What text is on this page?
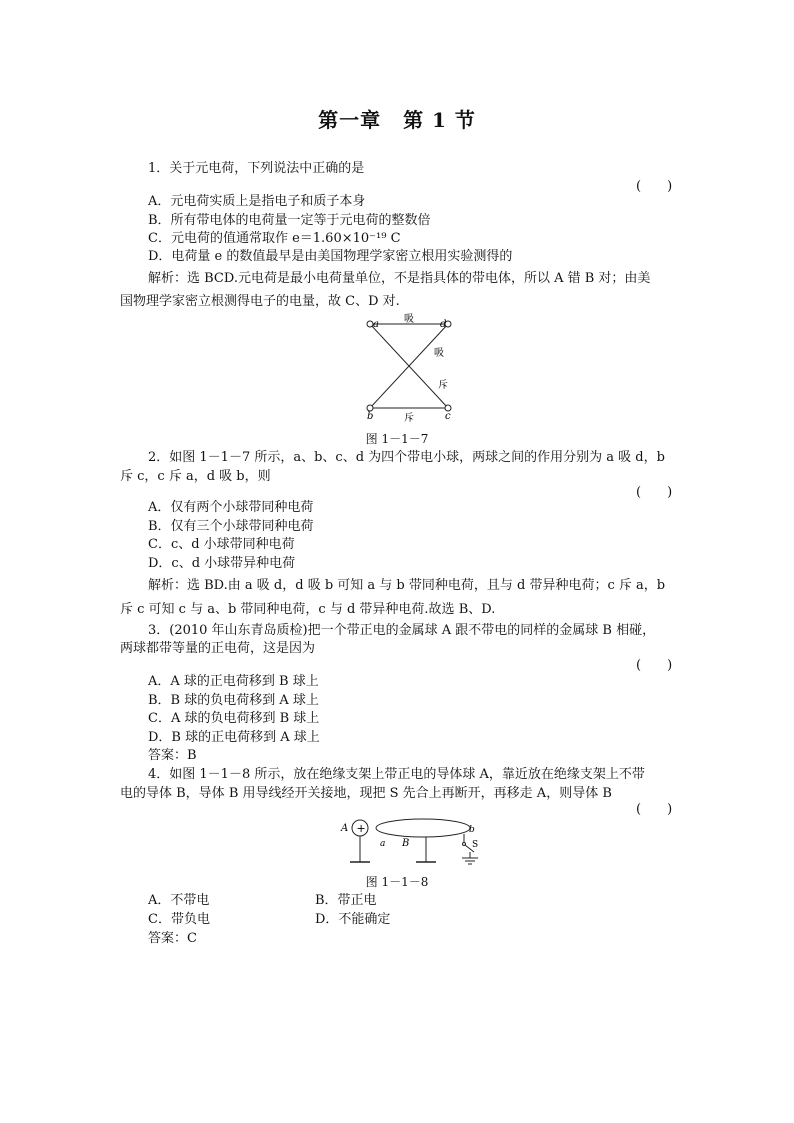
第一章 第 1 节
1．关于元电荷，下列说法中正确的是
(　　)
A．元电荷实质上是指电子和质子本身
B．所有带电体的电荷量一定等于元电荷的整数倍
C．元电荷的值通常取作 e＝1.60×10⁻¹⁹ C
D．电荷量 e 的数值最早是由美国物理学家密立根用实验测得的
解析：选 BCD.元电荷是最小电荷量单位，不是指具体的带电体，所以 A 错 B 对；由美
国物理学家密立根测得电子的电量，故 C、D 对.
a	d
b	c
吸
吸
斥
斥
图 1－1－7
2．如图 1－1－7 所示，a、b、c、d 为四个带电小球，两球之间的作用分别为 a 吸 d，b
斥 c，c 斥 a，d 吸 b，则
(　　)
A．仅有两个小球带同种电荷
B．仅有三个小球带同种电荷
C．c、d 小球带同种电荷
D．c、d 小球带异种电荷
解析：选 BD.由 a 吸 d，d 吸 b 可知 a 与 b 带同种电荷，且与 d 带异种电荷；c 斥 a，b
斥 c 可知 c 与 a、b 带同种电荷，c 与 d 带异种电荷.故选 B、D.
3．(2010 年山东青岛质检)把一个带正电的金属球 A 跟不带电的同样的金属球 B 相碰，
两球都带等量的正电荷，这是因为
(　　)
A．A 球的正电荷移到 B 球上
B．B 球的负电荷移到 A 球上
C．A 球的负电荷移到 B 球上
D．B 球的正电荷移到 A 球上
答案：B
4．如图 1－1－8 所示，放在绝缘支架上带正电的导体球 A，靠近放在绝缘支架上不带
电的导体 B，导体 B 用导线经开关接地，现把 S 先合上再断开，再移走 A，则导体 B
(　　)
+
A
a B
b
S
图 1－1－8
A．不带电	B．带正电
C．带负电	D．不能确定
答案：C
